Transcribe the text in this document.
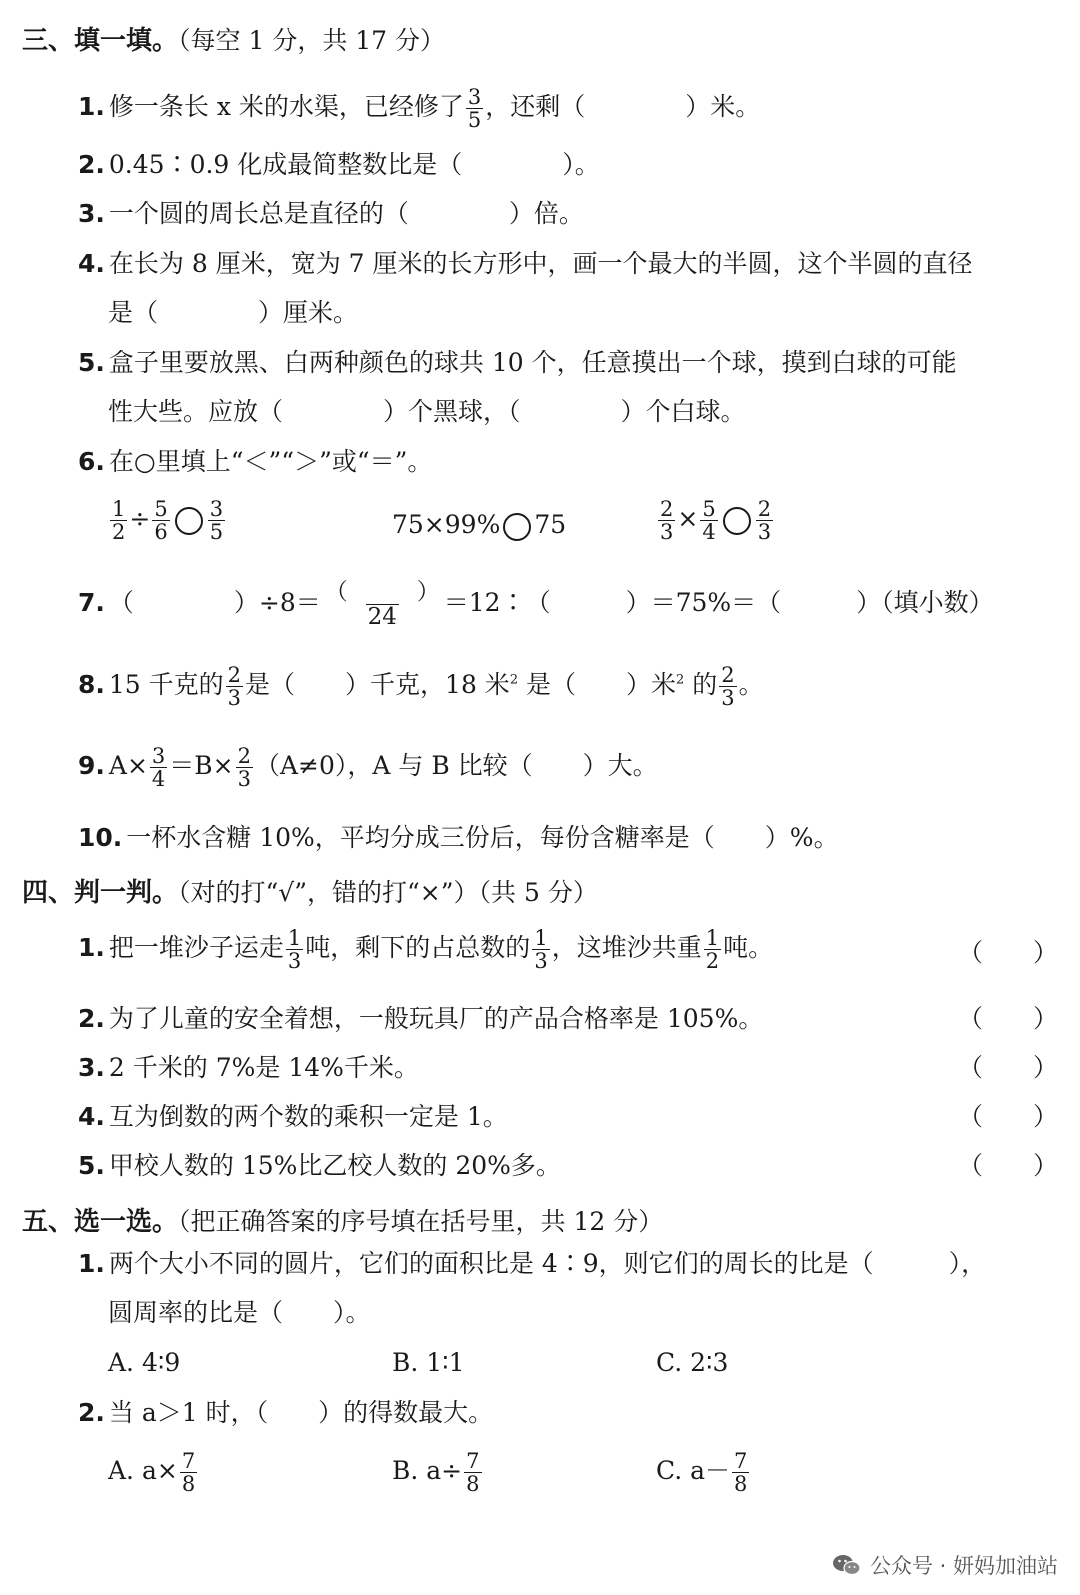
三、填一填。（每空 1 分，共 17 分）
1. 修一条长 x 米的水渠，已经修了 $\frac{3}{5}$ ，还剩（　　　　）米。
2. 0.45∶0.9 化成最简整数比是（　　　　）。
3. 一个圆的周长总是直径的（　　　　）倍。
4. 在长为 8 厘米，宽为 7 厘米的长方形中，画一个最大的半圆，这个半圆的直径
是（　　　　）厘米。
5. 盒子里要放黑、白两种颜色的球共 10 个，任意摸出一个球，摸到白球的可能
性大些。应放（　　　　）个黑球，（　　　　）个白球。
6. 在○里填上“＜”“＞”或“＝”。
$\frac{1}{2} \div \frac{5}{6} \frac{3}{5}$	75×99% 75	$\frac{2}{3} \times \frac{5}{4} \frac{2}{3}$
7. （　　　　）$\div 8= \frac{( )}{24}$ ＝12∶（　　　）＝75%＝（　　　）（填小数）
8. 15 千克的 $\frac{2}{3}$ 是（　　）千克，18 米$^2$ 是（　　）米$^2$ 的 $\frac{2}{3}$ 。
9. $A\times \frac{3}{4} =B\times \frac{2}{3} (A\ne 0)$，A 与 B 比较（　　）大。
10. 一杯水含糖 10%，平均分成三份后，每份含糖率是（　　）%。
四、判一判。（对的打“√”，错的打“×”）（共 5 分）
1. 把一堆沙子运走 $\frac{1}{3}$ 吨，剩下的占总数的 $\frac{1}{3}$ ，这堆沙共重 $\frac{1}{2}$ 吨。	（　　）
2. 为了儿童的安全着想，一般玩具厂的产品合格率是 105%。	（　　）
3. 2 千米的 7%是 14%千米。	（　　）
4. 互为倒数的两个数的乘积一定是 1。	（　　）
5. 甲校人数的 15%比乙校人数的 20%多。	（　　）
五、选一选。（把正确答案的序号填在括号里，共 12 分）
1. 两个大小不同的圆片，它们的面积比是 4∶9，则它们的周长的比是（　　　），
圆周率的比是（　　）。
A. 4∶9	B. 1∶1	C. 2∶3
2. 当 a＞1 时，（　　）的得数最大。
A. $a\times \frac{7}{8}$	B. $a\div \frac{7}{8}$	C. $a- \frac{7}{8}$
公众号 · 妍妈加油站
